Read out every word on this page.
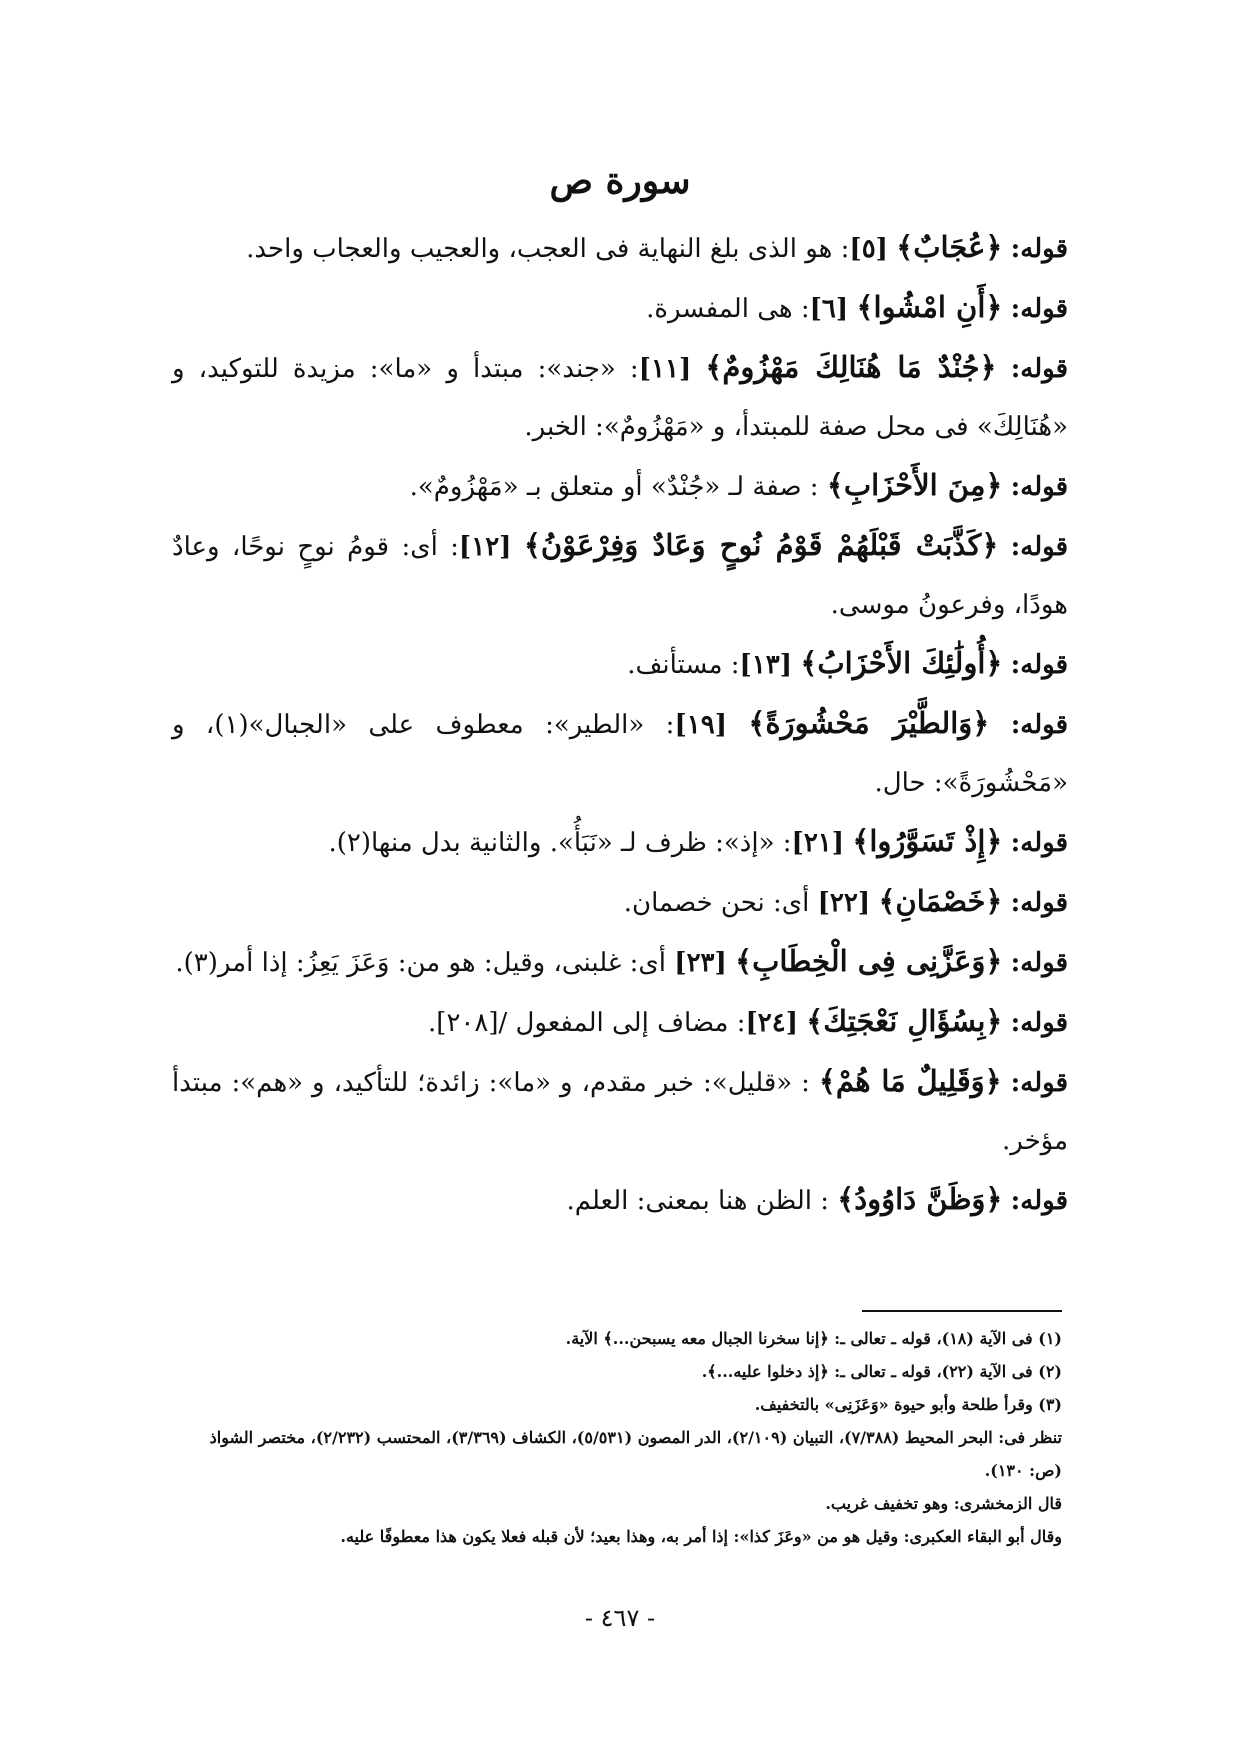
سورة ص

قوله: ﴿عُجَابٌ﴾ [٥]: هو الذى بلغ النهاية فى العجب، والعجيب والعجاب واحد.

قوله: ﴿أَنِ امْشُوا﴾ [٦]: هى المفسرة.

قوله: ﴿جُنْدٌ مَا هُنَالِكَ مَهْزُومٌ﴾ [١١]: «جند»: مبتدأ و «ما»: مزيدة للتوكيد، و «هُنَالِكَ» فى محل صفة للمبتدأ، و «مَهْزُومٌ»: الخبر.

قوله: ﴿مِنَ الأَحْزَابِ﴾ : صفة لـ «جُنْدٌ» أو متعلق بـ «مَهْزُومٌ».

قوله: ﴿كَذَّبَتْ قَبْلَهُمْ قَوْمُ نُوحٍ وَعَادٌ وَفِرْعَوْنُ﴾ [١٢]: أى: قومُ نوحٍ نوحًا، وعادٌ هودًا، وفرعونُ موسى.

قوله: ﴿أُولَٰئِكَ الأَحْزَابُ﴾ [١٣]: مستأنف.

قوله: ﴿وَالطَّيْرَ مَحْشُورَةً﴾ [١٩]: «الطير»: معطوف على «الجبال»(١)، و «مَحْشُورَةً»: حال.

قوله: ﴿إِذْ تَسَوَّرُوا﴾ [٢١]: «إذ»: ظرف لـ «نَبَأُ». والثانية بدل منها(٢).

قوله: ﴿خَصْمَانِ﴾ [٢٢] أى: نحن خصمان.

قوله: ﴿وَعَزَّنِى فِى الْخِطَابِ﴾ [٢٣] أى: غلبنى، وقيل: هو من: وَعَزَ يَعِزُ: إذا أمر(٣).

قوله: ﴿بِسُؤَالِ نَعْجَتِكَ﴾ [٢٤]: مضاف إلى المفعول /[٢٠٨].

قوله: ﴿وَقَلِيلٌ مَا هُمْ﴾ : «قليل»: خبر مقدم، و «ما»: زائدة؛ للتأكيد، و «هم»: مبتدأ مؤخر.

قوله: ﴿وَظَنَّ دَاوُودُ﴾ : الظن هنا بمعنى: العلم.

(١) فى الآية (١٨)، قوله ـ تعالى ـ: ﴿إنا سخرنا الجبال معه يسبحن...﴾ الآية.

(٢) فى الآية (٢٢)، قوله ـ تعالى ـ: ﴿إذ دخلوا عليه...﴾.

(٣) وقرأ طلحة وأبو حيوة «وَعَزَنِى» بالتخفيف.

تنظر فى: البحر المحيط (٧/٣٨٨)، التبيان (٢/١٠٩)، الدر المصون (٥/٥٣١)، الكشاف (٣/٣٦٩)، المحتسب (٢/٢٣٢)، مختصر الشواذ (ص: ١٣٠).

قال الزمخشرى: وهو تخفيف غريب.

وقال أبو البقاء العكبرى: وقيل هو من «وعَزَ كذا»: إذا أمر به، وهذا بعيد؛ لأن قبله فعلا يكون هذا معطوفًا عليه.

- ٤٦٧ -
